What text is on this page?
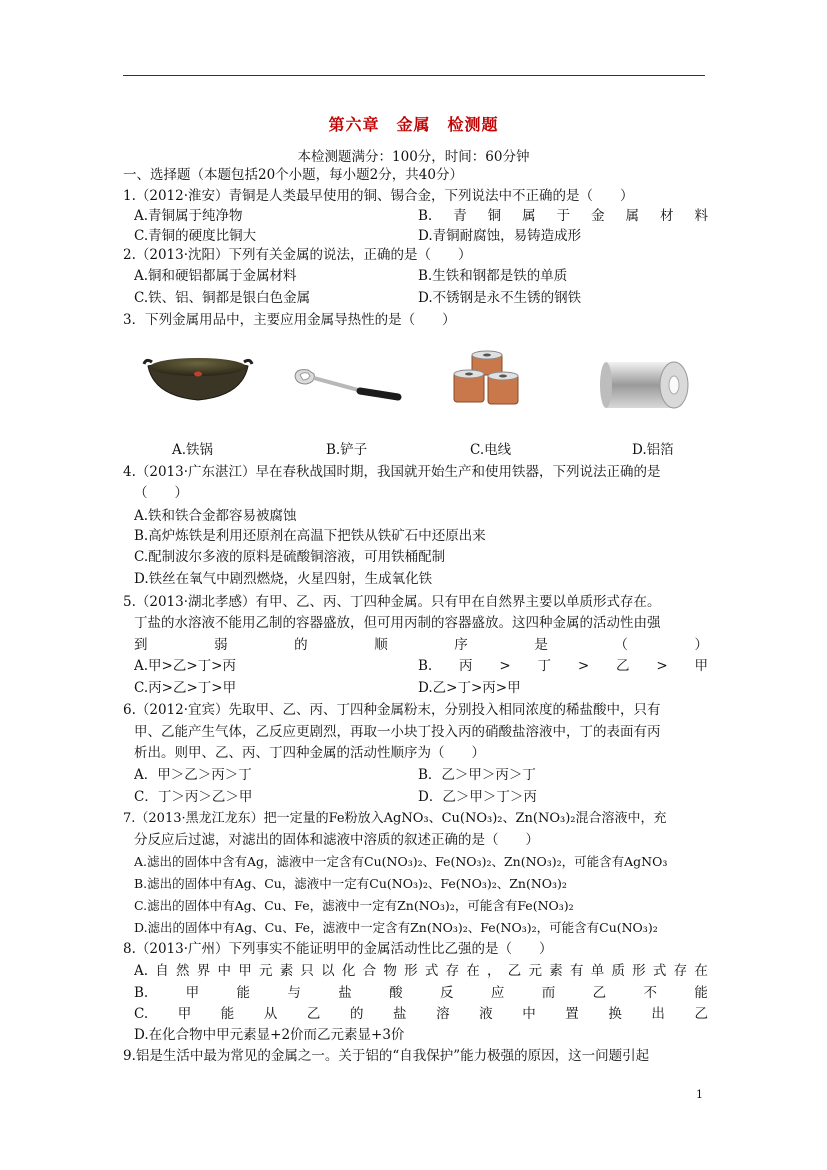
第六章　金属　检测题
本检测题满分：100分，时间：60分钟
一、选择题（本题包括20个小题，每小题2分，共40分）
1.（2012·淮安）青铜是人类最早使用的铜、锡合金，下列说法中不正确的是（　　）
A.青铜属于纯净物	B. 青 铜 属 于 金 属 材 料
C.青铜的硬度比铜大	D.青铜耐腐蚀，易铸造成形
2.（2013·沈阳）下列有关金属的说法，正确的是（　　）
A.铜和硬铝都属于金属材料	B.生铁和钢都是铁的单质
C.铁、铝、铜都是银白色金属	D.不锈钢是永不生锈的钢铁
3．下列金属用品中，主要应用金属导热性的是（　　）
A.铁锅	B.铲子	C.电线	D.铝箔
4.（2013·广东湛江）早在春秋战国时期，我国就开始生产和使用铁器，下列说法正确的是
（　　）
A.铁和铁合金都容易被腐蚀
B.高炉炼铁是利用还原剂在高温下把铁从铁矿石中还原出来
C.配制波尔多液的原料是硫酸铜溶液，可用铁桶配制
D.铁丝在氧气中剧烈燃烧，火星四射，生成氧化铁
5.（2013·湖北孝感）有甲、乙、丙、丁四种金属。只有甲在自然界主要以单质形式存在。
丁盐的水溶液不能用乙制的容器盛放，但可用丙制的容器盛放。这四种金属的活动性由强
到	弱	的	顺	序	是	（	）
A.甲>乙>丁>丙	B. 丙 > 丁 > 乙 > 甲
C.丙>乙>丁>甲	D.乙>丁>丙>甲
6.（2012·宜宾）先取甲、乙、丙、丁四种金属粉末，分别投入相同浓度的稀盐酸中，只有
甲、乙能产生气体，乙反应更剧烈，再取一小块丁投入丙的硝酸盐溶液中，丁的表面有丙
析出。则甲、乙、丙、丁四种金属的活动性顺序为（　　）
A．甲＞乙＞丙＞丁	B．乙＞甲＞丙＞丁
C．丁＞丙＞乙＞甲	D．乙＞甲＞丁＞丙
7.（2013·黑龙江龙东）把一定量的Fe粉放入AgNO₃、Cu(NO₃)₂、Zn(NO₃)₂混合溶液中，充
分反应后过滤，对滤出的固体和滤液中溶质的叙述正确的是（　　）
A.滤出的固体中含有Ag，滤液中一定含有Cu(NO₃)₂、Fe(NO₃)₂、Zn(NO₃)₂，可能含有AgNO₃
B.滤出的固体中有Ag、Cu，滤液中一定有Cu(NO₃)₂、Fe(NO₃)₂、Zn(NO₃)₂
C.滤出的固体中有Ag、Cu、Fe，滤液中一定有Zn(NO₃)₂，可能含有Fe(NO₃)₂
D.滤出的固体中有Ag、Cu、Fe，滤液中一定含有Zn(NO₃)₂、Fe(NO₃)₂，可能含有Cu(NO₃)₂
8.（2013·广州）下列事实不能证明甲的金属活动性比乙强的是（　　）
A. 自 然 界 中 甲 元 素 只 以 化 合 物 形 式 存 在 ， 乙 元 素 有 单 质 形 式 存 在
B.	甲	能	与	盐	酸	反	应	而	乙	不	能
C. 甲 能 从 乙 的 盐 溶 液 中 置 换 出 乙
D.在化合物中甲元素显+2价而乙元素显+3价
9.铝是生活中最为常见的金属之一。关于铝的“自我保护”能力极强的原因，这一问题引起
1
